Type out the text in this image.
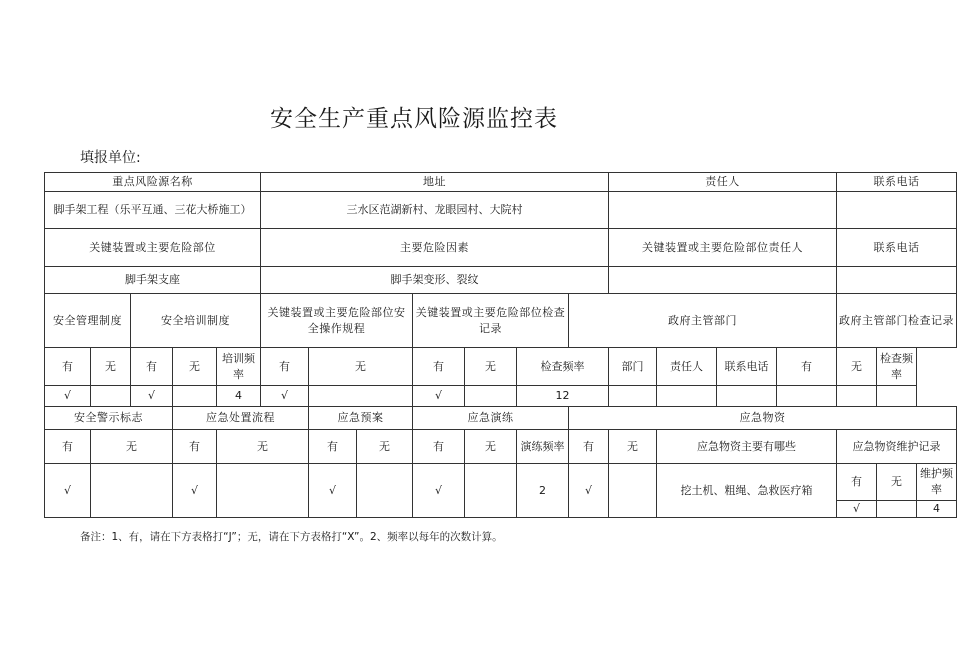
安全生产重点风险源监控表
填报单位:
重点风险源名称					地址							责任人				联系电话		
脚手架工程（乐平互通、三花大桥施工）					三水区范湖新村、龙眼园村、大院村													
关键装置或主要危险部位					主要危险因素							关键装置或主要危险部位责任人				联系电话		
脚手架支座					脚手架变形、裂纹													
安全管理制度		安全培训制度			关键装置或主要危险部位安全操作规程			关键装置或主要危险部位检查记录			政府主管部门					政府主管部门检查记录		
有	无	有	无	培训频率	有	无		有	无	检查频率		部门	责任人	联系电话	有	无	检查频率	
√		√		4	√			√		12								
安全警示标志			应急处置流程			应急预案		应急演练			应急物资							
有	无		有	无		有	无	有	无	演练频率	有	无	应急物资主要有哪些			应急物资维护记录		
√			√			√		√		2	√		挖土机、粗绳、急救医疗箱			有	无	维护频率
																√		4
备注：1、有，请在下方表格打“J”；无，请在下方表格打“X”。2、频率以每年的次数计算。
